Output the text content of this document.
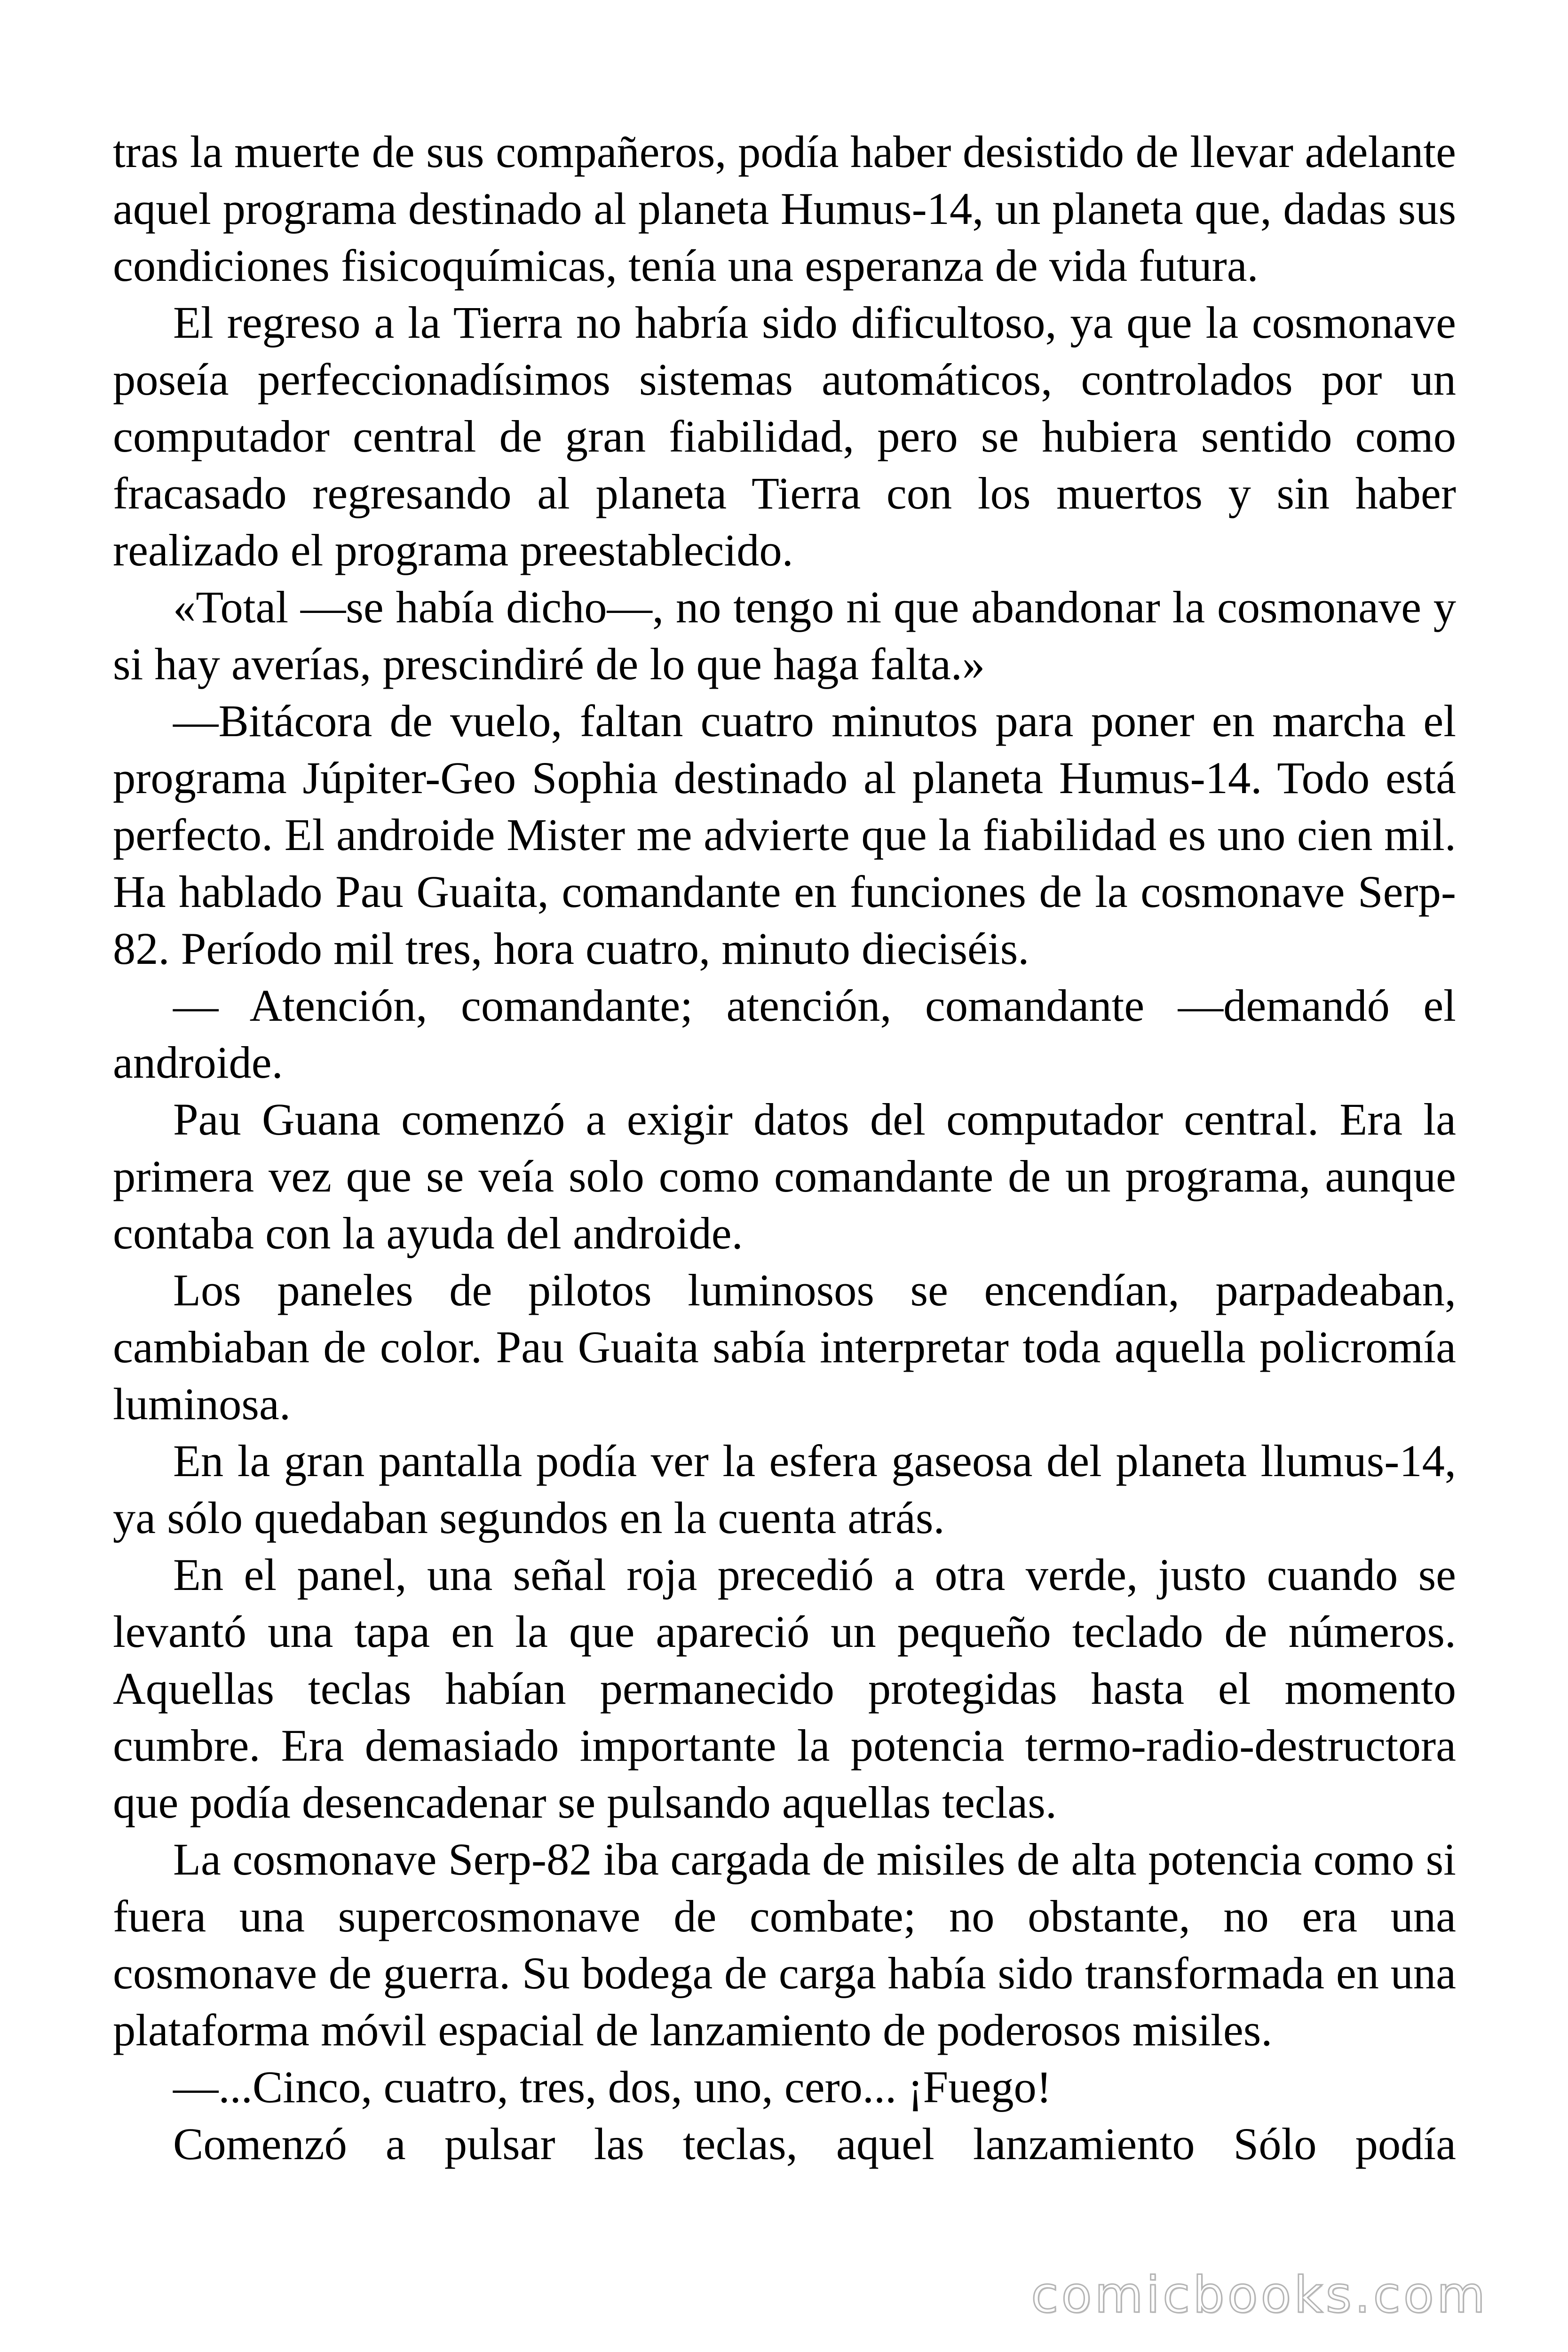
tras la muerte de sus compañeros, podía haber desistido de llevar adelante aquel programa destinado al planeta Humus-14, un planeta que, dadas sus condiciones fisicoquímicas, tenía una esperanza de vida futura.

El regreso a la Tierra no habría sido dificultoso, ya que la cosmonave poseía perfeccionadísimos sistemas automáticos, controlados por un computador central de gran fiabilidad, pero se hubiera sentido como fracasado regresando al planeta Tierra con los muertos y sin haber realizado el programa preestablecido.

«Total —se había dicho—, no tengo ni que abandonar la cosmonave y si hay averías, prescindiré de lo que haga falta.»

—Bitácora de vuelo, faltan cuatro minutos para poner en marcha el programa Júpiter-Geo Sophia destinado al planeta Humus-14. Todo está perfecto. El androide Mister me advierte que la fiabilidad es uno cien mil. Ha hablado Pau Guaita, comandante en funciones de la cosmonave Serp-82. Período mil tres, hora cuatro, minuto dieciséis.

— Atención, comandante; atención, comandante —demandó el androide.

Pau Guana comenzó a exigir datos del computador central. Era la primera vez que se veía solo como comandante de un programa, aunque contaba con la ayuda del androide.

Los paneles de pilotos luminosos se encendían, parpadeaban, cambiaban de color. Pau Guaita sabía interpretar toda aquella policromía luminosa.

En la gran pantalla podía ver la esfera gaseosa del planeta llumus-14, ya sólo quedaban segundos en la cuenta atrás.

En el panel, una señal roja precedió a otra verde, justo cuando se levantó una tapa en la que apareció un pequeño teclado de números. Aquellas teclas habían permanecido protegidas hasta el momento cumbre. Era demasiado importante la potencia termo-radio-destructora que podía desencadenar se pulsando aquellas teclas.

La cosmonave Serp-82 iba cargada de misiles de alta potencia como si fuera una supercosmonave de combate; no obstante, no era una cosmonave de guerra. Su bodega de carga había sido transformada en una plataforma móvil espacial de lanzamiento de poderosos misiles.

—...Cinco, cuatro, tres, dos, uno, cero... ¡Fuego!

Comenzó a pulsar las teclas, aquel lanzamiento Sólo podía

comicbooks.com
